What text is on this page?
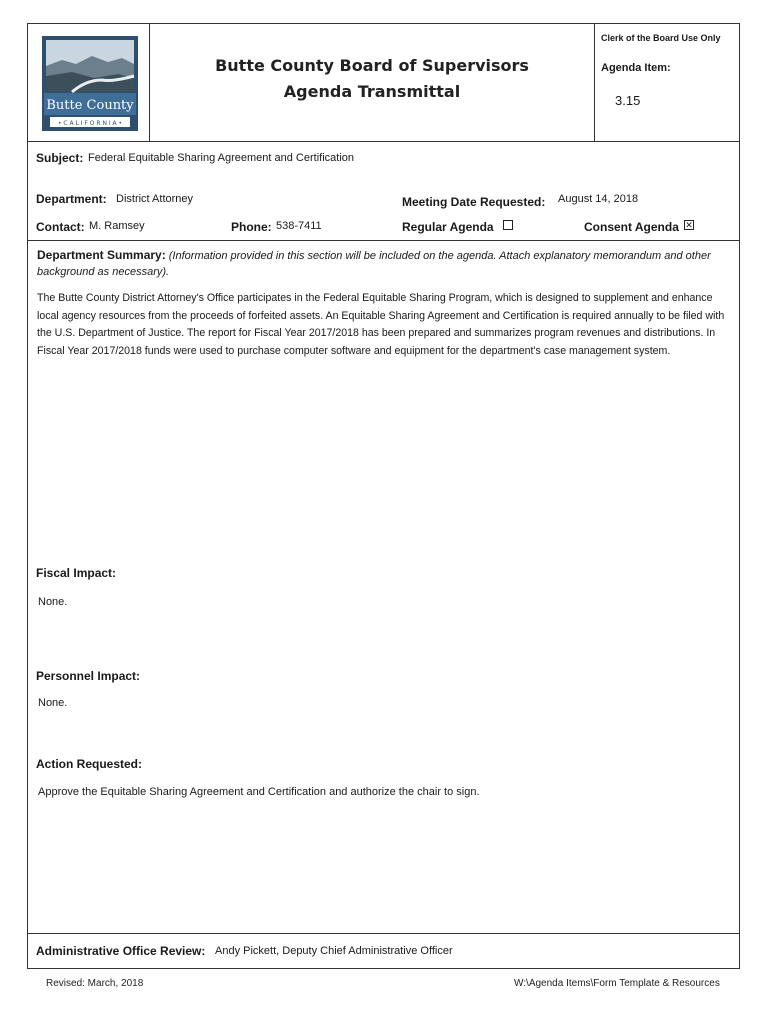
Butte County
• C A L I F O R N I A •
Butte County Board of Supervisors
Agenda Transmittal
Clerk of the Board Use Only
Agenda Item:
3.15
Subject: Federal Equitable Sharing Agreement and Certification
Department: District Attorney	Meeting Date Requested: August 14, 2018
Contact: M. Ramsey	Phone: 538-7411	Regular Agenda	Consent Agenda ✕
Department Summary: (Information provided in this section will be included on the agenda. Attach explanatory memorandum and other background as necessary).
The Butte County District Attorney's Office participates in the Federal Equitable Sharing Program, which is designed to supplement and enhance local agency resources from the proceeds of forfeited assets. An Equitable Sharing Agreement and Certification is required annually to be filed with the U.S. Department of Justice. The report for Fiscal Year 2017/2018 has been prepared and summarizes program revenues and distributions. In Fiscal Year 2017/2018 funds were used to purchase computer software and equipment for the department's case management system.
Fiscal Impact:
None.
Personnel Impact:
None.
Action Requested:
Approve the Equitable Sharing Agreement and Certification and authorize the chair to sign.
Administrative Office Review: Andy Pickett, Deputy Chief Administrative Officer
Revised: March, 2018	W:\Agenda Items\Form Template & Resources
